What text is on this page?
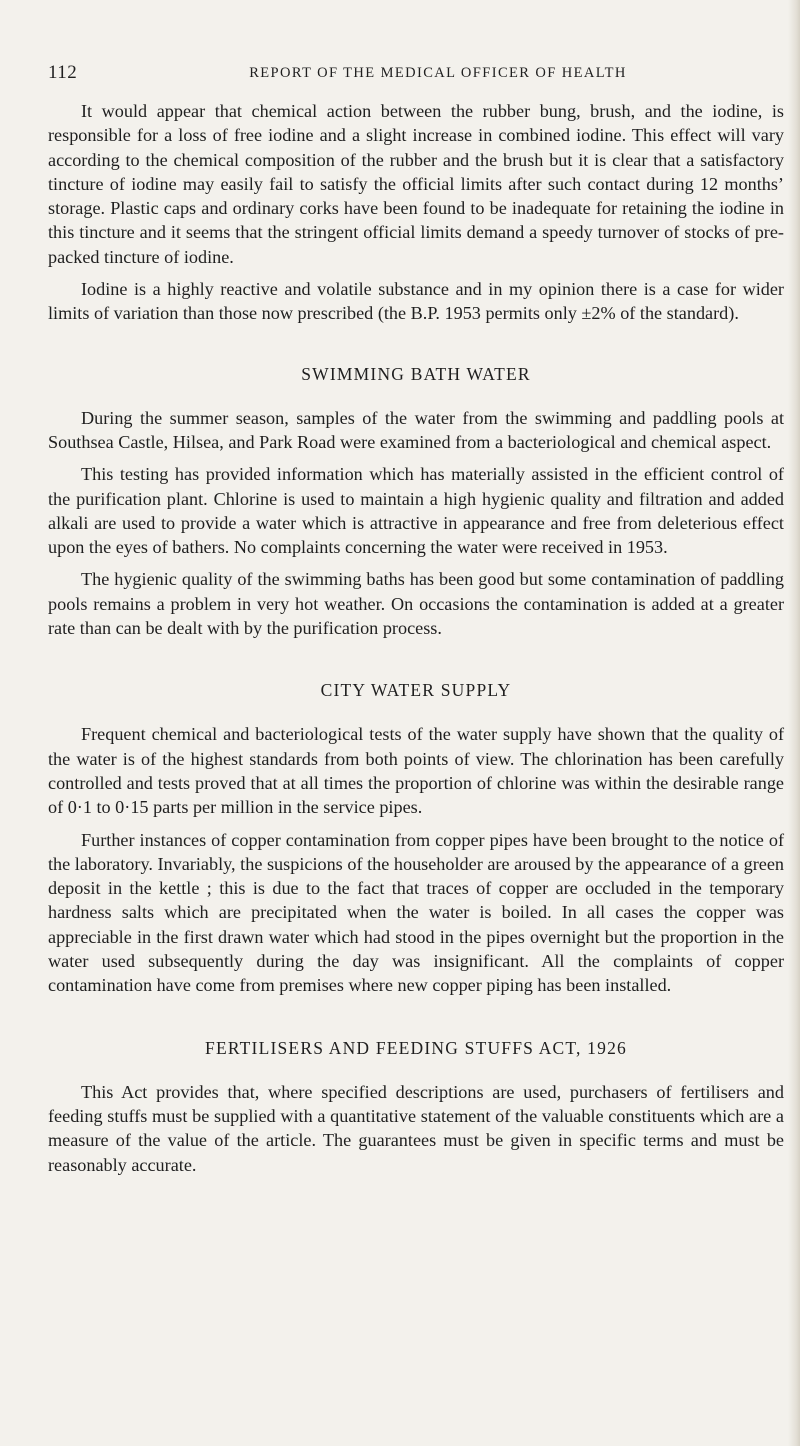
112	REPORT OF THE MEDICAL OFFICER OF HEALTH

It would appear that chemical action between the rubber bung, brush, and the iodine, is responsible for a loss of free iodine and a slight increase in combined iodine. This effect will vary according to the chemical composition of the rubber and the brush but it is clear that a satisfactory tincture of iodine may easily fail to satisfy the official limits after such contact during 12 months’ storage. Plastic caps and ordinary corks have been found to be inadequate for retaining the iodine in this tincture and it seems that the stringent official limits demand a speedy turnover of stocks of pre-packed tincture of iodine.

Iodine is a highly reactive and volatile substance and in my opinion there is a case for wider limits of variation than those now prescribed (the B.P. 1953 permits only ±2% of the standard).

SWIMMING BATH WATER

During the summer season, samples of the water from the swimming and paddling pools at Southsea Castle, Hilsea, and Park Road were examined from a bacteriological and chemical aspect.

This testing has provided information which has materially assisted in the efficient control of the purification plant. Chlorine is used to maintain a high hygienic quality and filtration and added alkali are used to provide a water which is attractive in appearance and free from deleterious effect upon the eyes of bathers. No complaints concerning the water were received in 1953.

The hygienic quality of the swimming baths has been good but some contamination of paddling pools remains a problem in very hot weather. On occasions the contamination is added at a greater rate than can be dealt with by the purification process.

CITY WATER SUPPLY

Frequent chemical and bacteriological tests of the water supply have shown that the quality of the water is of the highest standards from both points of view. The chlorination has been carefully controlled and tests proved that at all times the proportion of chlorine was within the desirable range of 0·1 to 0·15 parts per million in the service pipes.

Further instances of copper contamination from copper pipes have been brought to the notice of the laboratory. Invariably, the suspicions of the householder are aroused by the appearance of a green deposit in the kettle ; this is due to the fact that traces of copper are occluded in the temporary hardness salts which are precipitated when the water is boiled. In all cases the copper was appreciable in the first drawn water which had stood in the pipes overnight but the proportion in the water used subsequently during the day was insignificant. All the complaints of copper contamination have come from premises where new copper piping has been installed.

FERTILISERS AND FEEDING STUFFS ACT, 1926

This Act provides that, where specified descriptions are used, purchasers of fertilisers and feeding stuffs must be supplied with a quantitative statement of the valuable constituents which are a measure of the value of the article. The guarantees must be given in specific terms and must be reasonably accurate.
